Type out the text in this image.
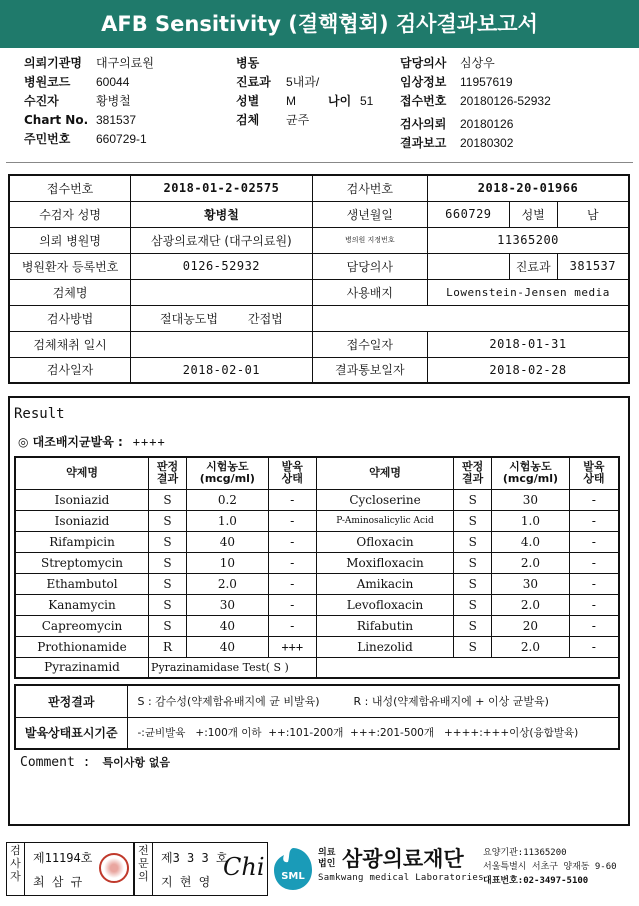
AFB Sensitivity (결핵협회) 검사결과보고서
의뢰기관명 대구의료원
병원코드 60044
수진자	황병철
Chart No. 381537
주민번호 660729-1
병동
진료과 5내과/
성별 M	나이 51
검체 균주
담당의사 심상우
임상정보 11957619
접수번호 20180126-52932
검사의뢰 20180126
결과보고 20180302
접수번호	2018-01-2-02575	검사번호	2018-20-01966		
수검자 성명	황병철	생년월일	660729	성별	남
의뢰 병원명	삼광의료재단 (대구의료원)	병의원 지정번호	11365200		
병원환자 등록번호	0126-52932	담당의사		진료과	381537
검체명		사용배지	Lowenstein-Jensen media		
검사방법	절대농도법 간접법				
검체채취 일시		접수일자	2018-01-31		
검사일자	2018-02-01	결과통보일자	2018-02-28		
Result
◎ 대조배지균발육 : ++++
약제명	판정
결과	시험농도
(mcg/ml)	발육
상태	약제명	판정
결과	시험농도
(mcg/ml)	발육
상태
Isoniazid	S	0.2	-	Cycloserine	S	30	-
Isoniazid	S	1.0	-	P-Aminosalicylic Acid	S	1.0	-
Rifampicin	S	40	-	Ofloxacin	S	4.0	-
Streptomycin	S	10	-	Moxifloxacin	S	2.0	-
Ethambutol	S	2.0	-	Amikacin	S	30	-
Kanamycin	S	30	-	Levofloxacin	S	2.0	-
Capreomycin	S	40	-	Rifabutin	S	20	-
Prothionamide	R	40	+++	Linezolid	S	2.0	-
Pyrazinamid	Pyrazinamidase Test( S )						
판정결과	S : 감수성(약제함유배지에 균 비발육) R : 내성(약제함유배지에 + 이상 균발육)
발육상태표시기준	-:균비발육   +:100개 이하  ++:101-200개  +++:201-500개   ++++:+++이상(융합발육)
Comment : 특이사항 없음
검
사
자
제11194호
최 삼 규
전
문
의
제3 3 3 호
지 현 영
Chi SML
의료
법인 삼광의료재단
Samkwang medical Laboratories
요양기관:11365200
서울특별시 서초구 양재동 9-60
대표번호:02-3497-5100
